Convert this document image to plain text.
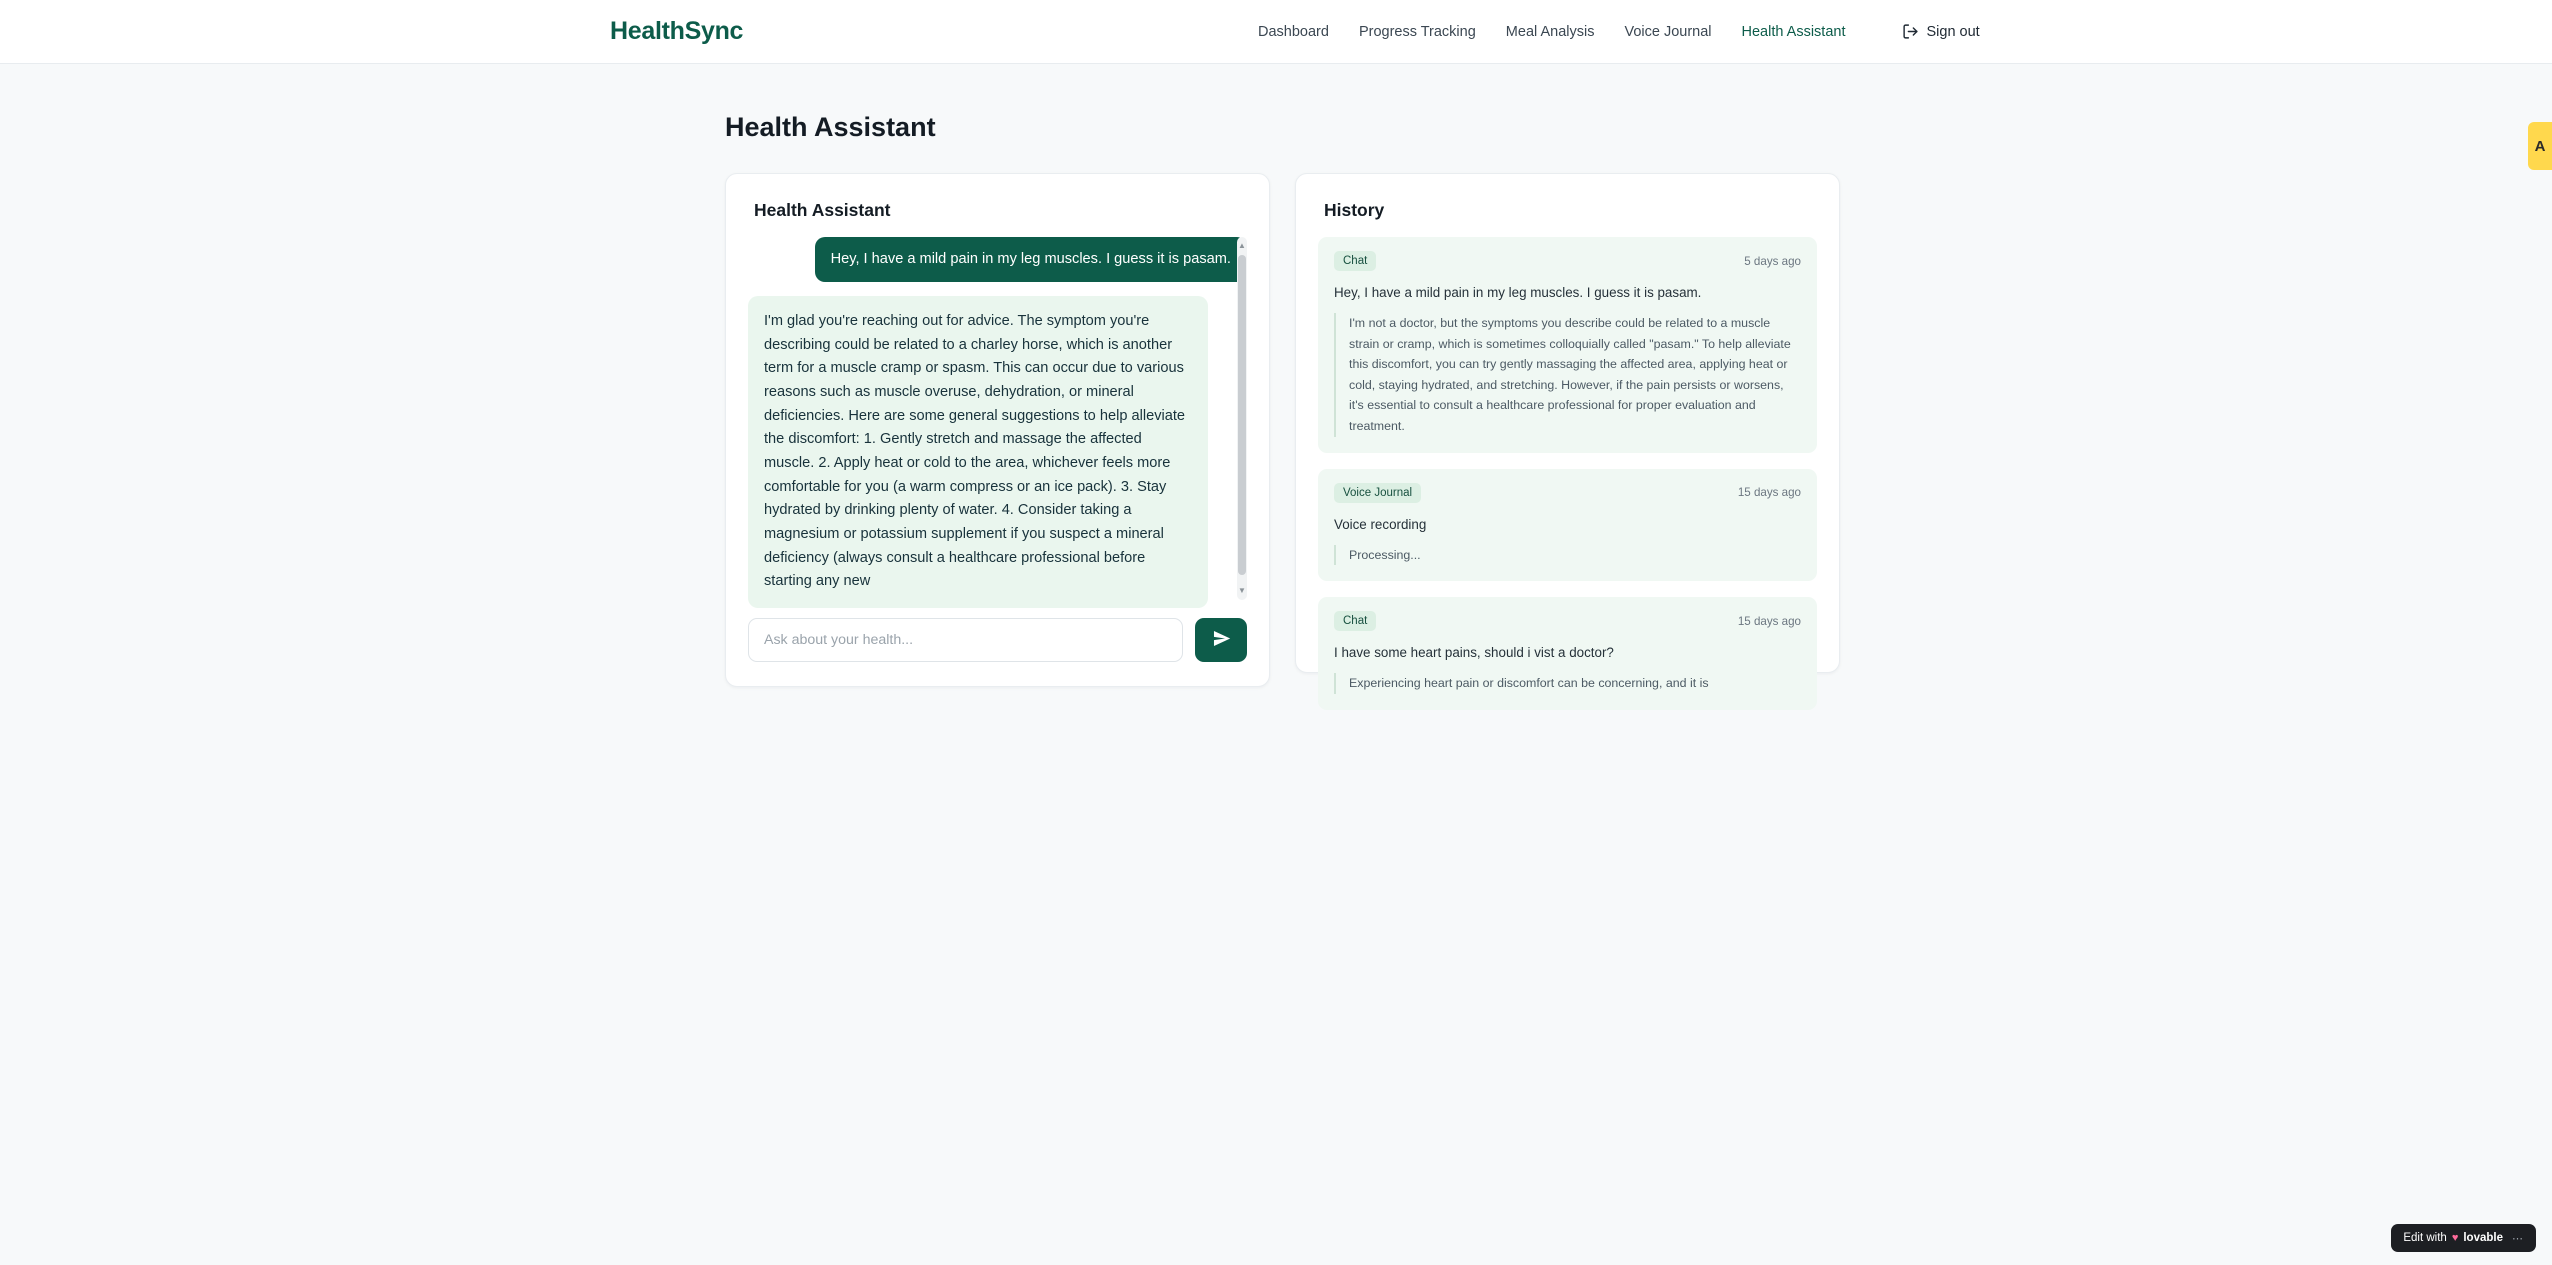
HealthSync	Dashboard Progress Tracking Meal Analysis Voice Journal Health Assistant	Sign out
Health Assistant
Health Assistant
Hey, I have a mild pain in my leg muscles. I guess it is pasam.
I'm glad you're reaching out for advice. The symptom you're describing could be related to a charley horse, which is another term for a muscle cramp or spasm. This can occur due to various reasons such as muscle overuse, dehydration, or mineral deficiencies. Here are some general suggestions to help alleviate the discomfort: 1. Gently stretch and massage the affected muscle. 2. Apply heat or cold to the area, whichever feels more comfortable for you (a warm compress or an ice pack). 3. Stay hydrated by drinking plenty of water. 4. Consider taking a magnesium or potassium supplement if you suspect a mineral deficiency (always consult a healthcare professional before starting any new
▲
▼
Ask about your health...
History
Chat	5 days ago
Hey, I have a mild pain in my leg muscles. I guess it is pasam.
I'm not a doctor, but the symptoms you describe could be related to a muscle strain or cramp, which is sometimes colloquially called "pasam." To help alleviate this discomfort, you can try gently massaging the affected area, applying heat or cold, staying hydrated, and stretching. However, if the pain persists or worsens, it's essential to consult a healthcare professional for proper evaluation and treatment.
Voice Journal	15 days ago
Voice recording
Processing...
Chat	15 days ago
I have some heart pains, should i vist a doctor?
Experiencing heart pain or discomfort can be concerning, and it is
A
Edit with ♥ lovable ⋯
